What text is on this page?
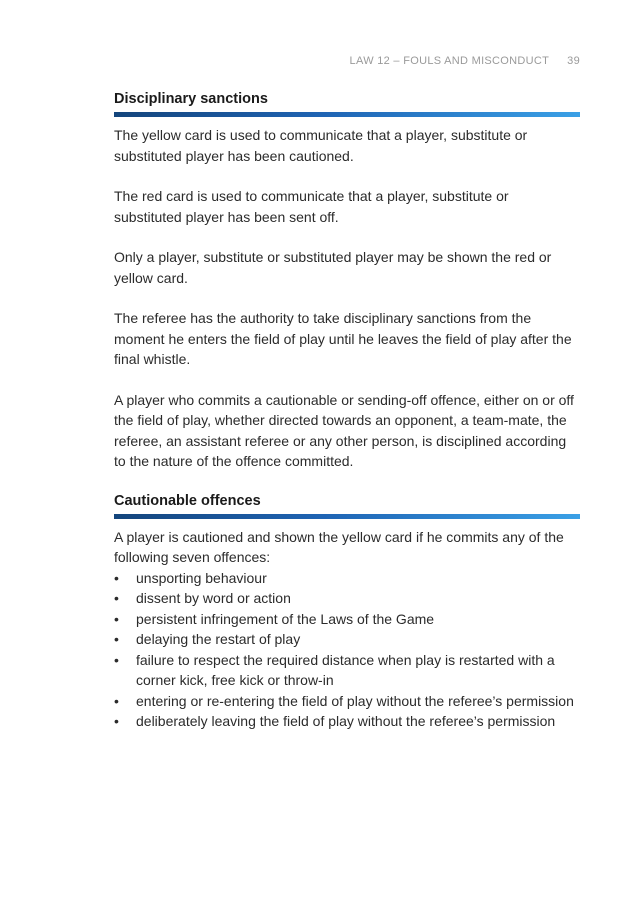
LAW 12 – FOULS AND MISCONDUCT 39
Disciplinary sanctions

The yellow card is used to communicate that a player, substitute or substituted player has been cautioned.

The red card is used to communicate that a player, substitute or substituted player has been sent off.

Only a player, substitute or substituted player may be shown the red or yellow card.

The referee has the authority to take disciplinary sanctions from the moment he enters the field of play until he leaves the field of play after the final whistle.

A player who commits a cautionable or sending-off offence, either on or off the field of play, whether directed towards an opponent, a team-mate, the referee, an assistant referee or any other person, is disciplined according to the nature of the offence committed.

Cautionable offences

A player is cautioned and shown the yellow card if he commits any of the following seven offences:

• unsporting behaviour
• dissent by word or action
• persistent infringement of the Laws of the Game
• delaying the restart of play
• failure to respect the required distance when play is restarted with a corner kick, free kick or throw-in
• entering or re-entering the field of play without the referee’s permission
• deliberately leaving the field of play without the referee’s permission
